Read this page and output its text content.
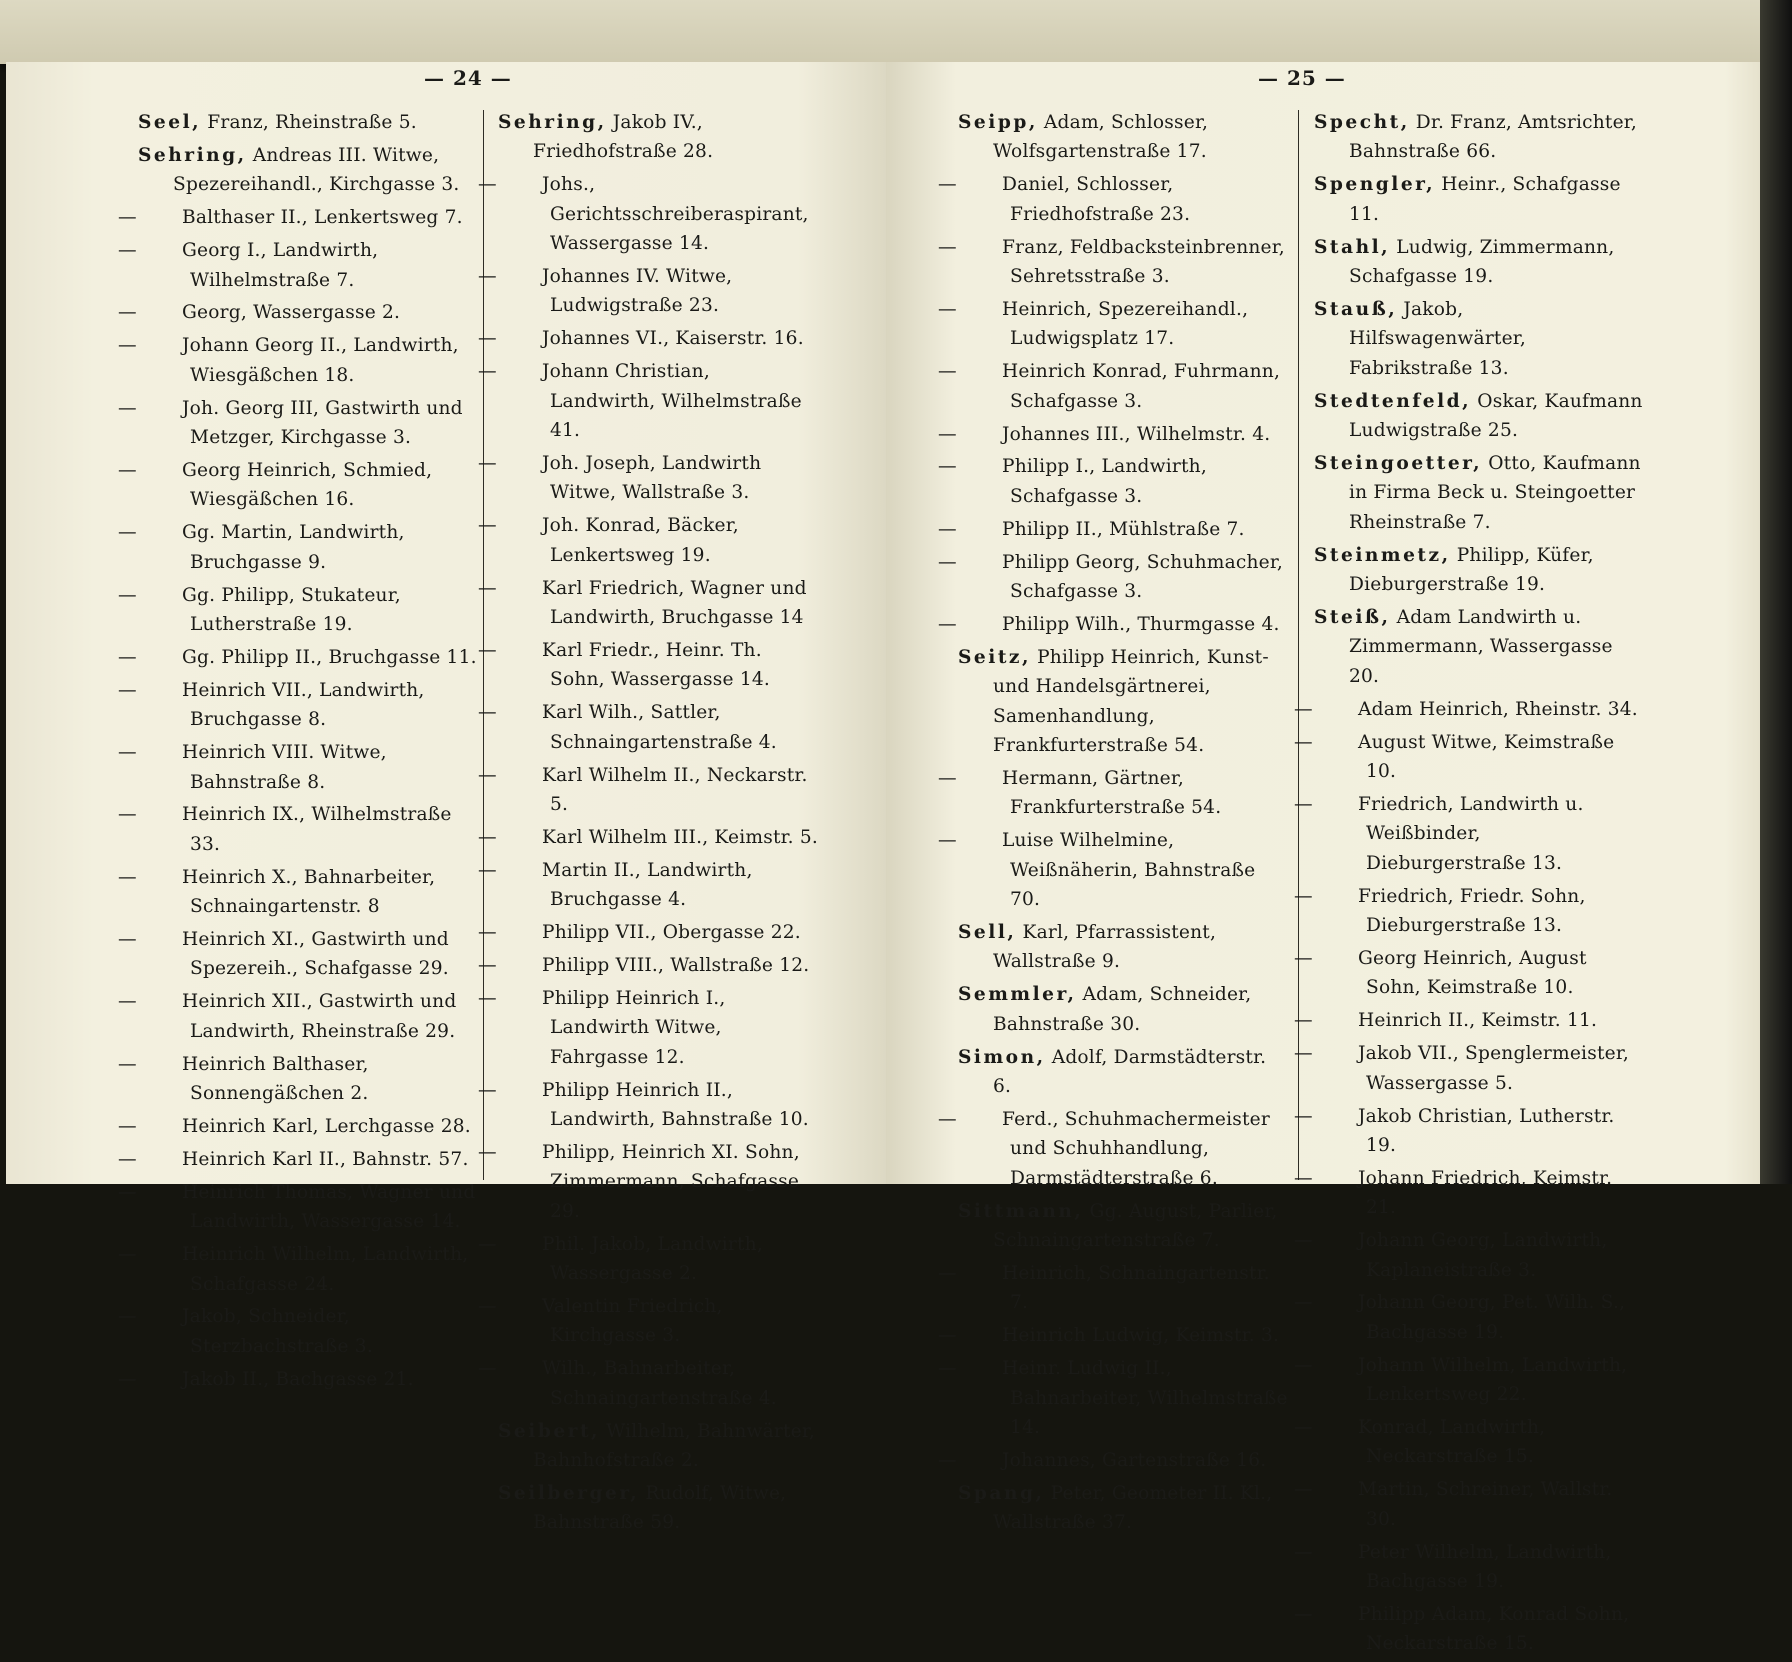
— 24 —
Seel, Franz, Rheinstraße 5.
Sehring, Andreas III. Witwe, Spezereihandl., Kirchgasse 3.
— Balthaser II., Lenkertsweg 7.
— Georg I., Landwirth, Wilhelmstraße 7.
— Georg, Wassergasse 2.
— Johann Georg II., Landwirth, Wiesgäßchen 18.
— Joh. Georg III, Gastwirth und Metzger, Kirchgasse 3.
— Georg Heinrich, Schmied, Wiesgäßchen 16.
— Gg. Martin, Landwirth, Bruchgasse 9.
— Gg. Philipp, Stukateur, Lutherstraße 19.
— Gg. Philipp II., Bruchgasse 11.
— Heinrich VII., Landwirth, Bruchgasse 8.
— Heinrich VIII. Witwe, Bahnstraße 8.
— Heinrich IX., Wilhelmstraße 33.
— Heinrich X., Bahnarbeiter, Schnaingartenstr. 8
— Heinrich XI., Gastwirth und Spezereih., Schafgasse 29.
— Heinrich XII., Gastwirth und Landwirth, Rheinstraße 29.
— Heinrich Balthaser, Sonnengäßchen 2.
— Heinrich Karl, Lerchgasse 28.
— Heinrich Karl II., Bahnstr. 57.
— Heinrich Thomas, Wagner und Landwirth, Wassergasse 14.
— Heinrich Wilhelm, Landwirth, Schafgasse 24.
— Jakob, Schneider, Sterzbachstraße 3.
— Jakob II., Bachgasse 21.
Sehring, Jakob IV., Friedhofstraße 28.
— Johs., Gerichtsschreiberaspirant, Wassergasse 14.
— Johannes IV. Witwe, Ludwigstraße 23.
— Johannes VI., Kaiserstr. 16.
— Johann Christian, Landwirth, Wilhelmstraße 41.
— Joh. Joseph, Landwirth Witwe, Wallstraße 3.
— Joh. Konrad, Bäcker, Lenkertsweg 19.
— Karl Friedrich, Wagner und Landwirth, Bruchgasse 14
— Karl Friedr., Heinr. Th. Sohn, Wassergasse 14.
— Karl Wilh., Sattler, Schnaingartenstraße 4.
— Karl Wilhelm II., Neckarstr. 5.
— Karl Wilhelm III., Keimstr. 5.
— Martin II., Landwirth, Bruchgasse 4.
— Philipp VII., Obergasse 22.
— Philipp VIII., Wallstraße 12.
— Philipp Heinrich I., Landwirth Witwe, Fahrgasse 12.
— Philipp Heinrich II., Landwirth, Bahnstraße 10.
— Philipp, Heinrich XI. Sohn, Zimmermann, Schafgasse 29.
— Phil. Jakob, Landwirth, Wassergasse 2.
— Valentin Friedrich, Kirchgasse 3.
— Wilh., Bahnarbeiter, Schnaingartenstraße 4.
Seibert, Wilhelm, Bahnwärter, Bahnhofstraße 2.
Seilberger, Rudolf, Witwe, Bahnstraße 59.
— 25 —
Seipp, Adam, Schlosser, Wolfsgartenstraße 17.
— Daniel, Schlosser, Friedhofstraße 23.
— Franz, Feldbacksteinbrenner, Sehretsstraße 3.
— Heinrich, Spezereihandl., Ludwigsplatz 17.
— Heinrich Konrad, Fuhrmann, Schafgasse 3.
— Johannes III., Wilhelmstr. 4.
— Philipp I., Landwirth, Schafgasse 3.
— Philipp II., Mühlstraße 7.
— Philipp Georg, Schuhmacher, Schafgasse 3.
— Philipp Wilh., Thurmgasse 4.
Seitz, Philipp Heinrich, Kunst- und Handelsgärtnerei, Samenhandlung, Frankfurterstraße 54.
— Hermann, Gärtner, Frankfurterstraße 54.
— Luise Wilhelmine, Weißnäherin, Bahnstraße 70.
Sell, Karl, Pfarrassistent, Wallstraße 9.
Semmler, Adam, Schneider, Bahnstraße 30.
Simon, Adolf, Darmstädterstr. 6.
— Ferd., Schuhmachermeister und Schuhhandlung, Darmstädterstraße 6.
Sittmann, Gg. August, Parlier, Schnaingartenstraße 7.
— Heinrich, Schnaingartenstr. 7.
— Heinrich Ludwig, Keimstr. 3.
— Heinr. Ludwig II., Bahnarbeiter, Wilhelmstraße 14.
— Johannes, Gartenstraße 16.
Spang, Peter, Geometer II. Kl., Wallstraße 37.
Specht, Dr. Franz, Amtsrichter, Bahnstraße 66.
Spengler, Heinr., Schafgasse 11.
Stahl, Ludwig, Zimmermann, Schafgasse 19.
Stauß, Jakob, Hilfswagenwärter, Fabrikstraße 13.
Stedtenfeld, Oskar, Kaufmann Ludwigstraße 25.
Steingoetter, Otto, Kaufmann in Firma Beck u. Steingoetter Rheinstraße 7.
Steinmetz, Philipp, Küfer, Dieburgerstraße 19.
Steiß, Adam Landwirth u. Zimmermann, Wassergasse 20.
— Adam Heinrich, Rheinstr. 34.
— August Witwe, Keimstraße 10.
— Friedrich, Landwirth u. Weißbinder, Dieburgerstraße 13.
— Friedrich, Friedr. Sohn, Dieburgerstraße 13.
— Georg Heinrich, August Sohn, Keimstraße 10.
— Heinrich II., Keimstr. 11.
— Jakob VII., Spenglermeister, Wassergasse 5.
— Jakob Christian, Lutherstr. 19.
— Johann Friedrich, Keimstr. 21.
— Johann Georg, Landwirth, Kaplaneistraße 3.
— Johann Georg, Pet. Wilh. S., Bachgasse 19.
— Johann Wilhelm, Landwirth, Lenkertsweg 22.
— Konrad, Landwirth, Neckarstraße 15.
— Martin, Schreiner, Wallstr. 30.
— Peter Wilhelm, Landwirth, Bachgasse 19.
— Philipp Adam, Konrad Sohn, Neckarstraße 15.
